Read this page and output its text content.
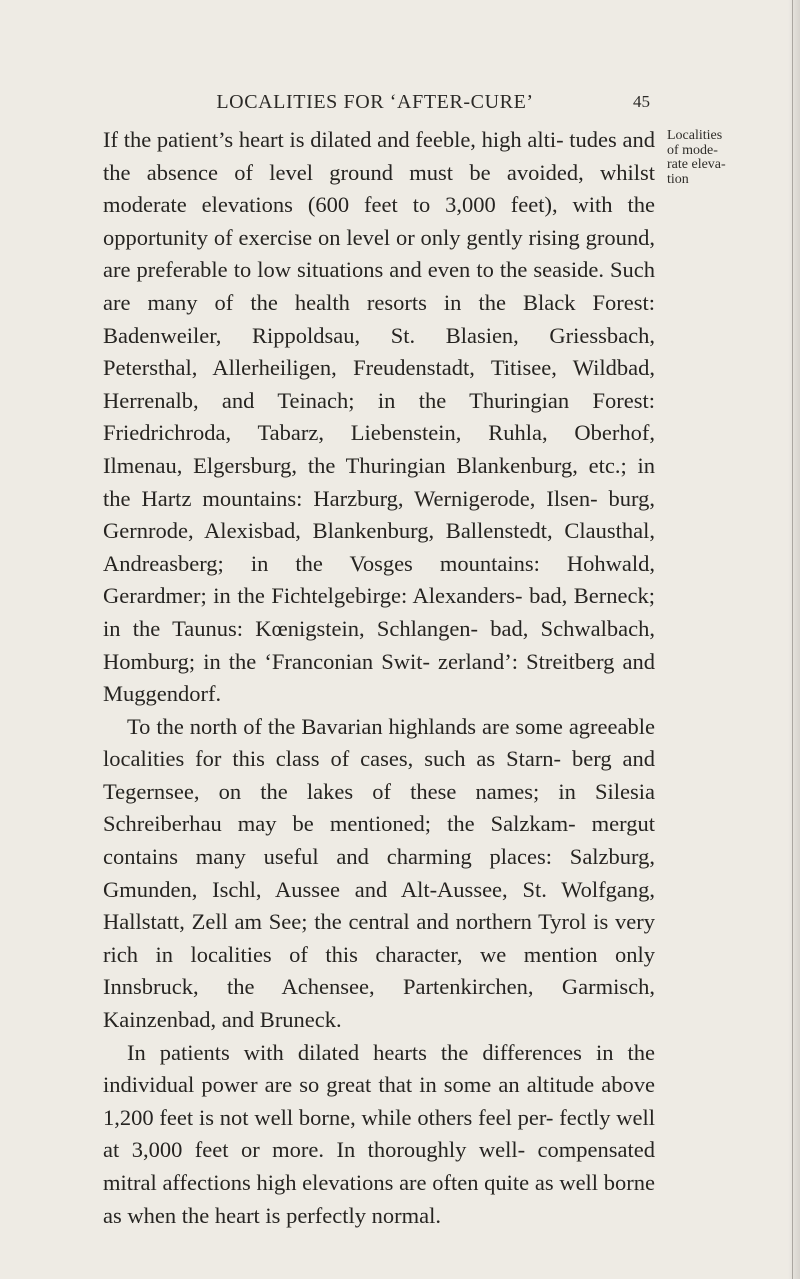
LOCALITIES FOR ‘AFTER-CURE’	45
Localities
of mode-
rate eleva-
tion

If the patient’s heart is dilated and feeble, high alti- tudes and the absence of level ground must be avoided, whilst moderate elevations (600 feet to 3,000 feet), with the opportunity of exercise on level or only gently rising ground, are preferable to low situations and even to the seaside. Such are many of the health resorts in the Black Forest: Badenweiler, Rippoldsau, St. Blasien, Griessbach, Petersthal, Allerheiligen, Freudenstadt, Titisee, Wildbad, Herrenalb, and Teinach; in the Thuringian Forest: Friedrichroda, Tabarz, Liebenstein, Ruhla, Oberhof, Ilmenau, Elgersburg, the Thuringian Blankenburg, etc.; in the Hartz mountains: Harzburg, Wernigerode, Ilsen- burg, Gernrode, Alexisbad, Blankenburg, Ballenstedt, Clausthal, Andreasberg; in the Vosges mountains: Hohwald, Gerardmer; in the Fichtelgebirge: Alexanders- bad, Berneck; in the Taunus: Kœnigstein, Schlangen- bad, Schwalbach, Homburg; in the ‘Franconian Swit- zerland’: Streitberg and Muggendorf.

To the north of the Bavarian highlands are some agreeable localities for this class of cases, such as Starn- berg and Tegernsee, on the lakes of these names; in Silesia Schreiberhau may be mentioned; the Salzkam- mergut contains many useful and charming places: Salzburg, Gmunden, Ischl, Aussee and Alt-Aussee, St. Wolfgang, Hallstatt, Zell am See; the central and northern Tyrol is very rich in localities of this character, we mention only Innsbruck, the Achensee, Partenkirchen, Garmisch, Kainzenbad, and Bruneck.

In patients with dilated hearts the differences in the individual power are so great that in some an altitude above 1,200 feet is not well borne, while others feel per- fectly well at 3,000 feet or more. In thoroughly well- compensated mitral affections high elevations are often quite as well borne as when the heart is perfectly normal.
